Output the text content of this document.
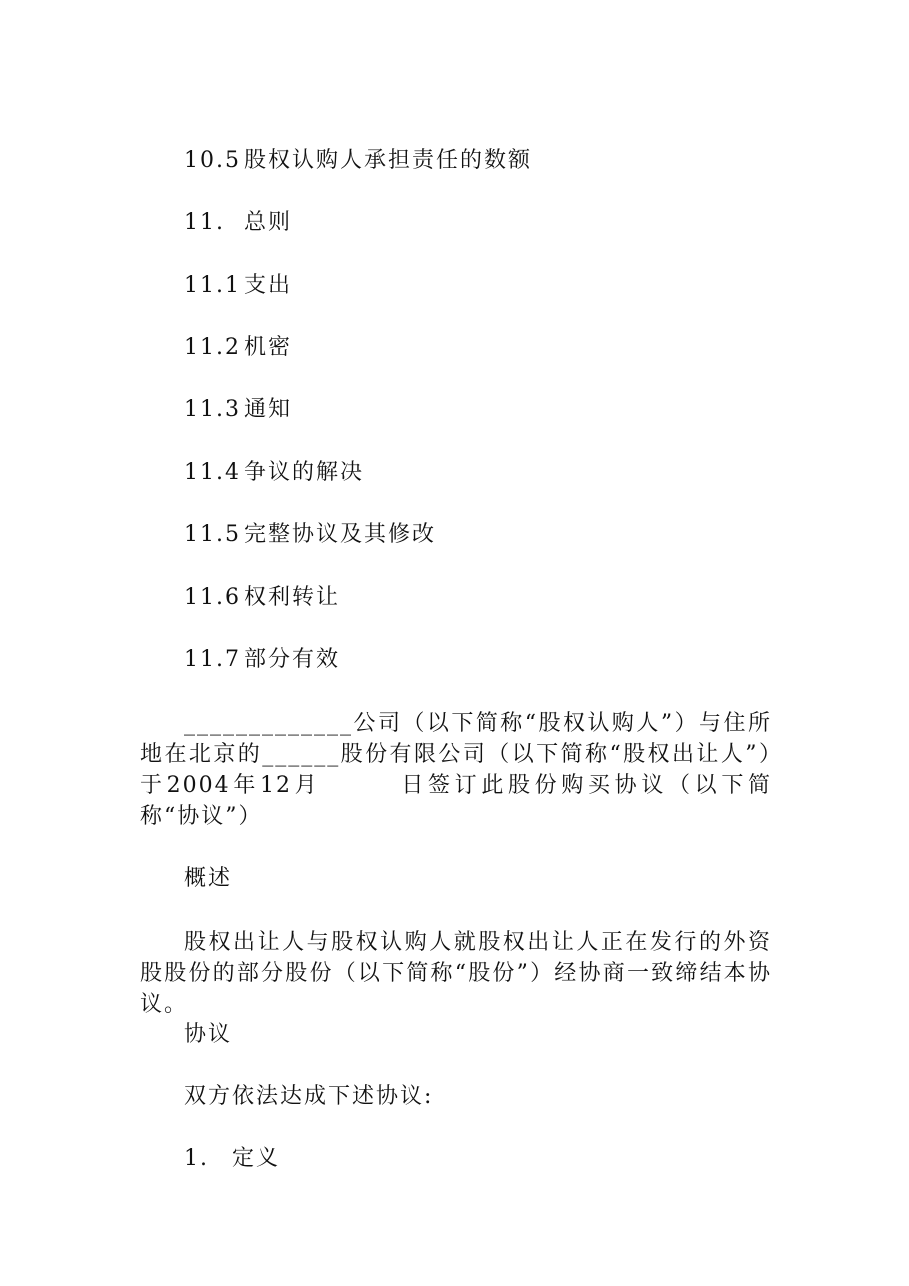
10.5 股权认购人承担责任的数额
11. 总则
11.1 支出
11.2 机密
11.3 通知
11.4 争议的解决
11.5 完整协议及其修改
11.6 权利转让
11.7 部分有效
_____________公司（以下简称“股权认购人”）与住所地在北京的______股份有限公司（以下简称“股权出让人”）于2004年12月　　　日签订此股份购买协议（以下简称“协议”）
概述
股权出让人与股权认购人就股权出让人正在发行的外资股股份的部分股份（以下简称“股份”）经协商一致缔结本协议。
协议
双方依法达成下述协议:
1. 定义
